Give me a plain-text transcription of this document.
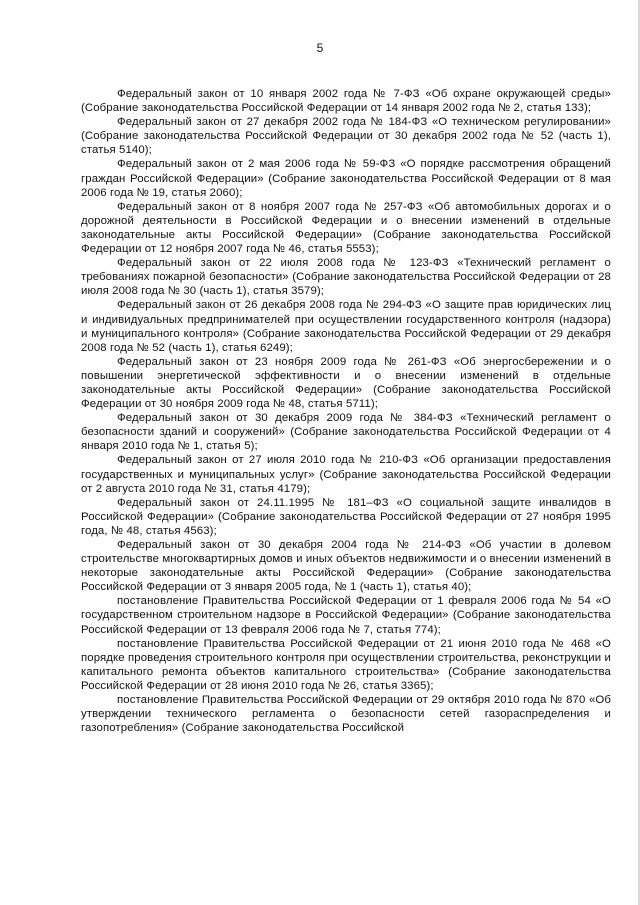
5

Федеральный закон от 10 января 2002 года № 7-ФЗ «Об охране окружающей среды» (Собрание законодательства Российской Федерации от 14 января 2002 года № 2, статья 133);

Федеральный закон от 27 декабря 2002 года № 184-ФЗ «О техническом регулировании» (Собрание законодательства Российской Федерации от 30 декабря 2002 года № 52 (часть 1), статья 5140);

Федеральный закон от 2 мая 2006 года № 59-ФЗ «О порядке рассмотрения обращений граждан Российской Федерации» (Собрание законодательства Российской Федерации от 8 мая 2006 года № 19, статья 2060);

Федеральный закон от 8 ноября 2007 года № 257-ФЗ «Об автомобильных дорогах и о дорожной деятельности в Российской Федерации и о внесении изменений в отдельные законодательные акты Российской Федерации» (Собрание законодательства Российской Федерации от 12 ноября 2007 года № 46, статья 5553);

Федеральный закон от 22 июля 2008 года № 123-ФЗ «Технический регламент о требованиях пожарной безопасности» (Собрание законодательства Российской Федерации от 28 июля 2008 года № 30 (часть 1), статья 3579);

Федеральный закон от 26 декабря 2008 года № 294-ФЗ «О защите прав юридических лиц и индивидуальных предпринимателей при осуществлении государственного контроля (надзора) и муниципального контроля» (Собрание законодательства Российской Федерации от 29 декабря 2008 года № 52 (часть 1), статья 6249);

Федеральный закон от 23 ноября 2009 года № 261-ФЗ «Об энергосбережении и о повышении энергетической эффективности и о внесении изменений в отдельные законодательные акты Российской Федерации» (Собрание законодательства Российской Федерации от 30 ноября 2009 года № 48, статья 5711);

Федеральный закон от 30 декабря 2009 года № 384-ФЗ «Технический регламент о безопасности зданий и сооружений» (Собрание законодательства Российской Федерации от 4 января 2010 года № 1, статья 5);

Федеральный закон от 27 июля 2010 года № 210-ФЗ «Об организации предоставления государственных и муниципальных услуг» (Собрание законодательства Российской Федерации от 2 августа 2010 года № 31, статья 4179);

Федеральный закон от 24.11.1995 № 181–ФЗ «О социальной защите инвалидов в Российской Федерации» (Собрание законодательства Российской Федерации от 27 ноября 1995 года, № 48, статья 4563);

Федеральный закон от 30 декабря 2004 года № 214-ФЗ «Об участии в долевом строительстве многоквартирных домов и иных объектов недвижимости и о внесении изменений в некоторые законодательные акты Российской Федерации» (Собрание законодательства Российской Федерации от 3 января 2005 года, № 1 (часть 1), статья 40);

постановление Правительства Российской Федерации от 1 февраля 2006 года № 54 «О государственном строительном надзоре в Российской Федерации» (Собрание законодательства Российской Федерации от 13 февраля 2006 года № 7, статья 774);

постановление Правительства Российской Федерации от 21 июня 2010 года № 468 «О порядке проведения строительного контроля при осуществлении строительства, реконструкции и капитального ремонта объектов капитального строительства» (Собрание законодательства Российской Федерации от 28 июня 2010 года № 26, статья 3365);

постановление Правительства Российской Федерации от 29 октября 2010 года № 870 «Об утверждении технического регламента о безопасности сетей газораспределения и газопотребления» (Собрание законодательства Российской
